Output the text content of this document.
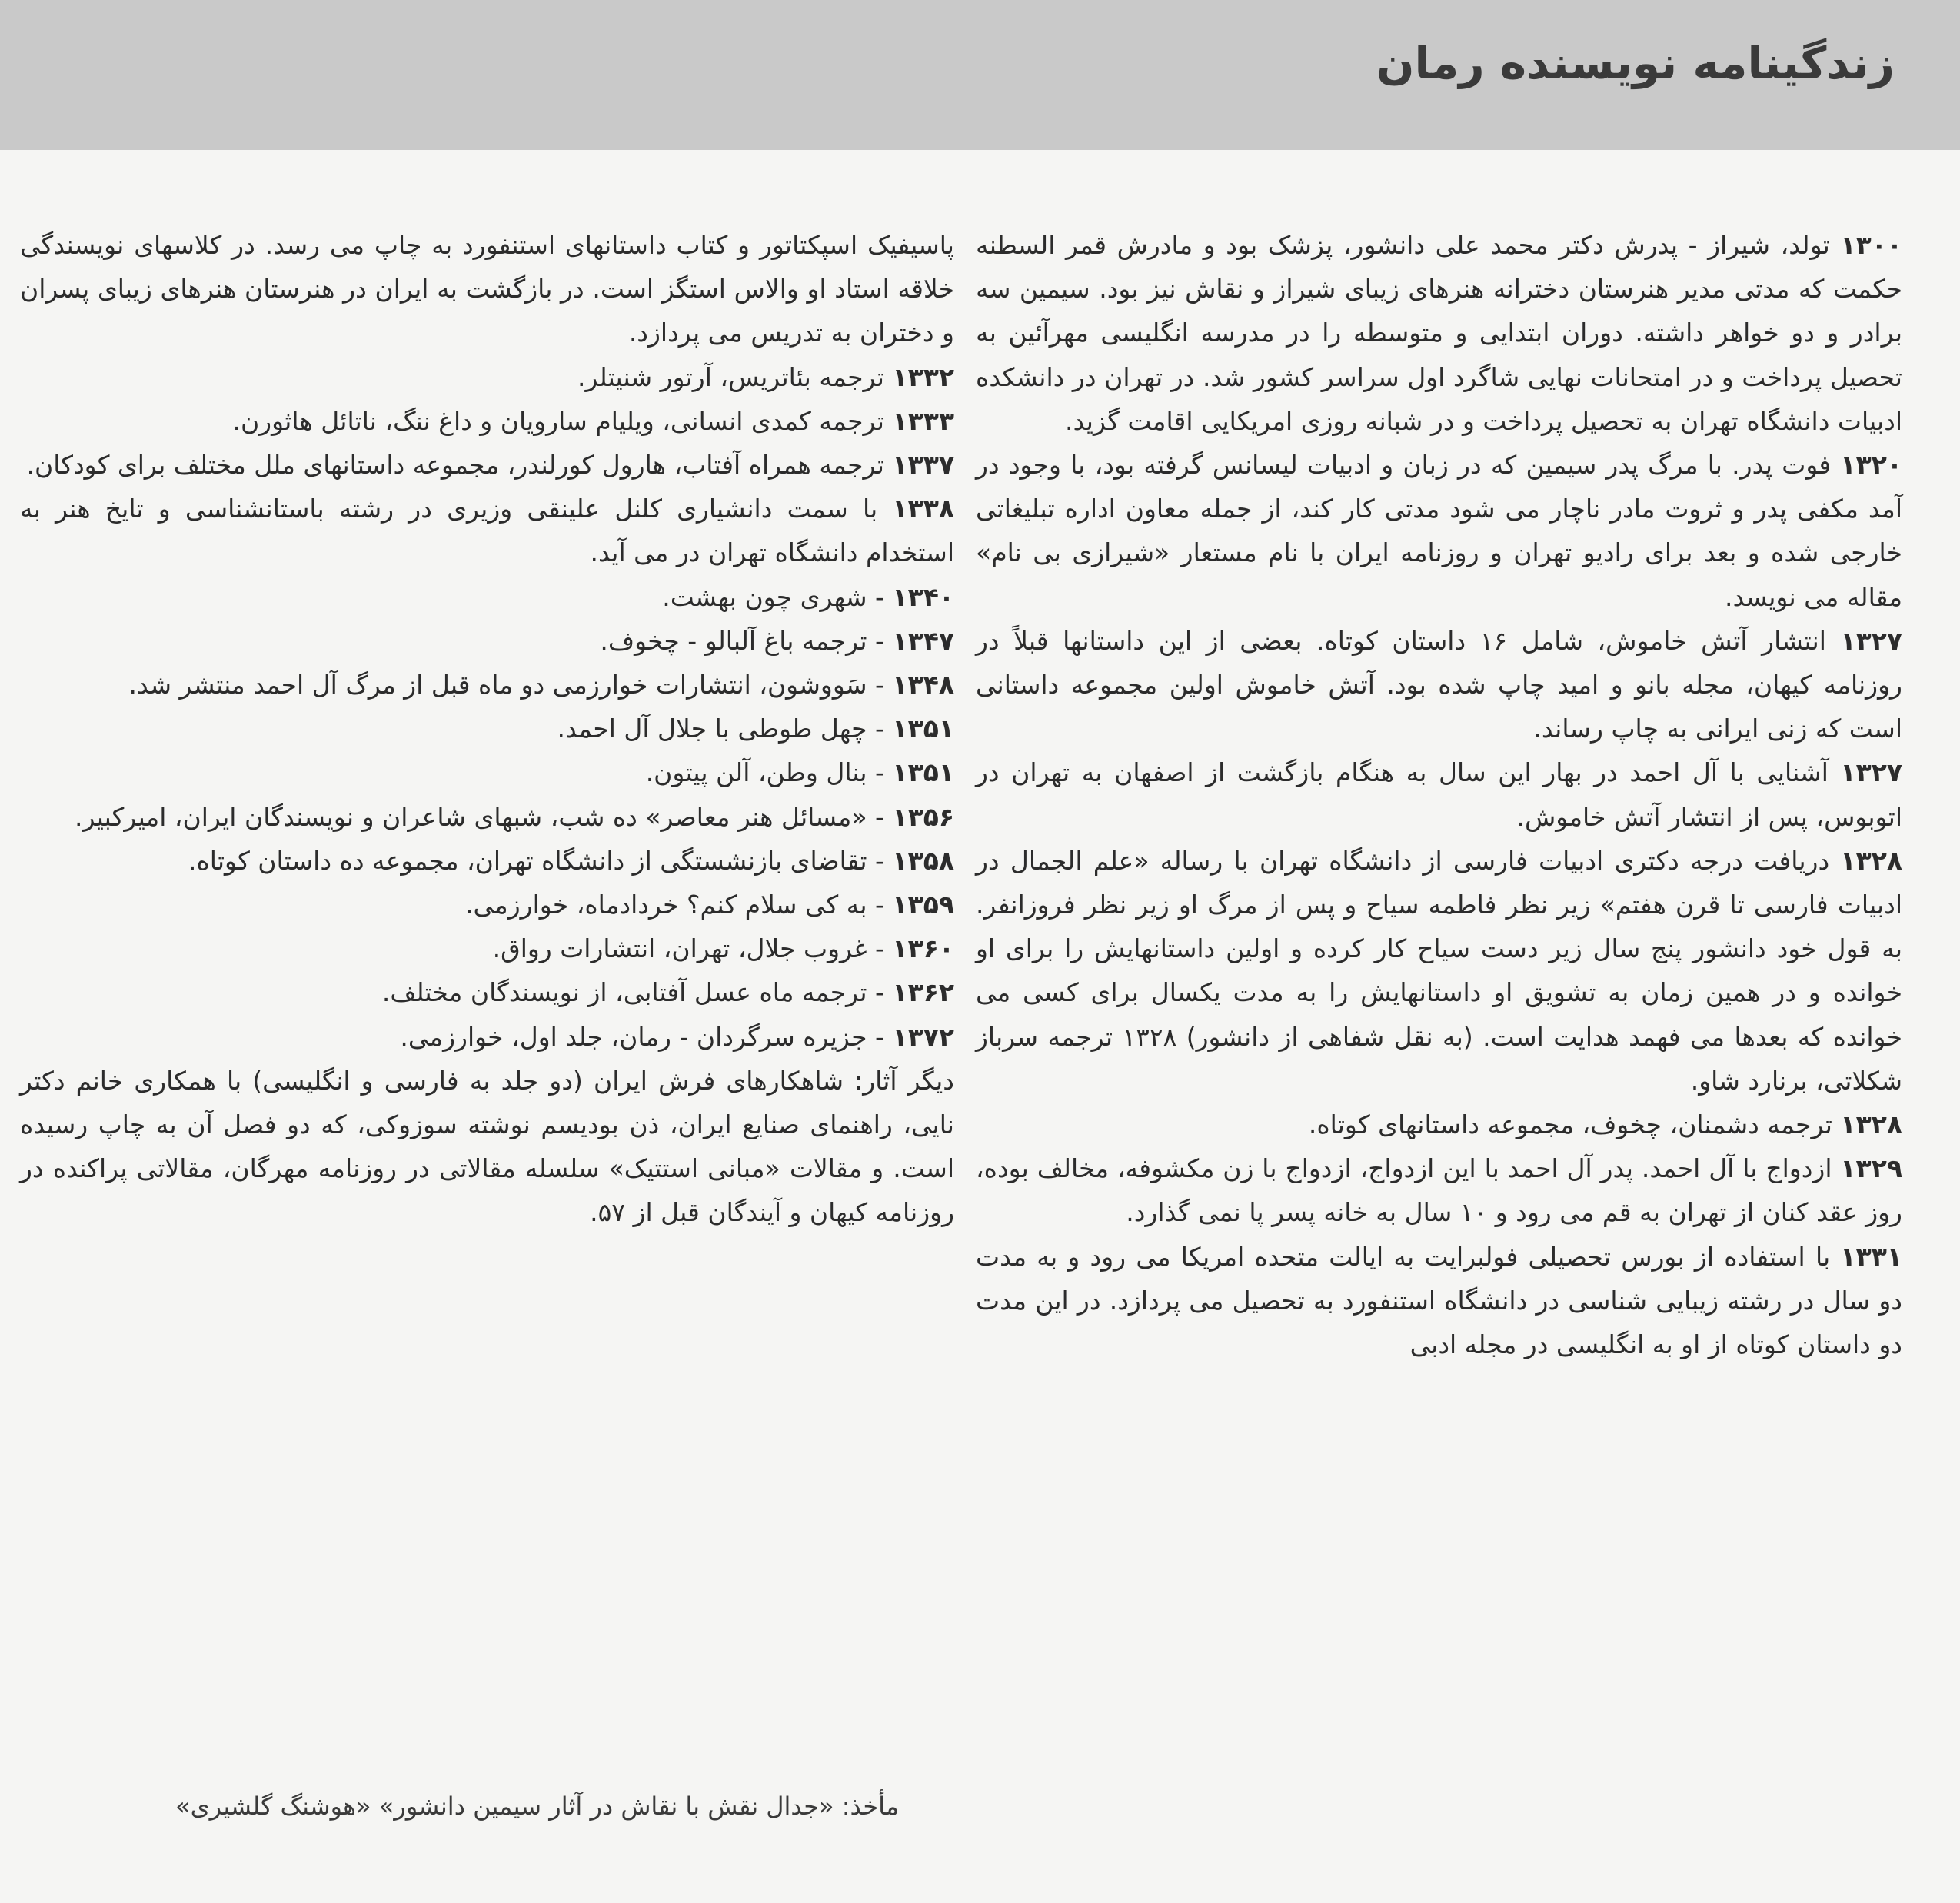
زندگینامه نویسنده رمان

۱۳۰۰ تولد، شیراز - پدرش دکتر محمد علی دانشور، پزشک بود و مادرش قمر السطنه حکمت که مدتی مدیر هنرستان دخترانه هنرهای زیبای شیراز و نقاش نیز بود. سیمین سه برادر و دو خواهر داشته. دوران ابتدایی و متوسطه را در مدرسه انگلیسی مهرآئین به تحصیل پرداخت و در امتحانات نهایی شاگرد اول سراسر کشور شد. در تهران در دانشکده ادبیات دانشگاه تهران به تحصیل پرداخت و در شبانه روزی امریکایی اقامت گزید.

۱۳۲۰ فوت پدر. با مرگ پدر سیمین که در زبان و ادبیات لیسانس گرفته بود، با وجود در آمد مکفی پدر و ثروت مادر ناچار می شود مدتی کار کند، از جمله معاون اداره تبلیغاتی خارجی شده و بعد برای رادیو تهران و روزنامه ایران با نام مستعار «شیرازی بی نام» مقاله می نویسد.

۱۳۲۷ انتشار آتش خاموش، شامل ۱۶ داستان کوتاه. بعضی از این داستانها قبلاً در روزنامه کیهان، مجله بانو و امید چاپ شده بود. آتش خاموش اولین مجموعه داستانی است که زنی ایرانی به چاپ رساند.

۱۳۲۷ آشنایی با آل احمد در بهار این سال به هنگام بازگشت از اصفهان به تهران در اتوبوس، پس از انتشار آتش خاموش.

۱۳۲۸ دریافت درجه دکتری ادبیات فارسی از دانشگاه تهران با رساله «علم الجمال در ادبیات فارسی تا قرن هفتم» زیر نظر فاطمه سیاح و پس از مرگ او زیر نظر فروزانفر. به قول خود دانشور پنج سال زیر دست سیاح کار کرده و اولین داستانهایش را برای او خوانده و در همین زمان به تشویق او داستانهایش را به مدت یکسال برای کسی می خوانده که بعدها می فهمد هدایت است. (به نقل شفاهی از دانشور) ۱۳۲۸ ترجمه سرباز شکلاتی، برنارد شاو.

۱۳۲۸ ترجمه دشمنان، چخوف، مجموعه داستانهای کوتاه.

۱۳۲۹ ازدواج با آل احمد. پدر آل احمد با این ازدواج، ازدواج با زن مکشوفه، مخالف بوده، روز عقد کنان از تهران به قم می رود و ۱۰ سال به خانه پسر پا نمی گذارد.

۱۳۳۱ با استفاده از بورس تحصیلی فولبرایت به ایالت متحده امریکا می رود و به مدت دو سال در رشته زیبایی شناسی در دانشگاه استنفورد به تحصیل می پردازد. در این مدت دو داستان کوتاه از او به انگلیسی در مجله ادبی

پاسیفیک اسپکتاتور و کتاب داستانهای استنفورد به چاپ می رسد. در کلاسهای نویسندگی خلاقه استاد او والاس استگز است. در بازگشت به ایران در هنرستان هنرهای زیبای پسران و دختران به تدریس می پردازد.

۱۳۳۲ ترجمه بئاتریس، آرتور شنیتلر.

۱۳۳۳ ترجمه کمدی انسانی، ویلیام سارویان و داغ ننگ، ناتائل هاثورن.

۱۳۳۷ ترجمه همراه آفتاب، هارول کورلندر، مجموعه داستانهای ملل مختلف برای کودکان.

۱۳۳۸ با سمت دانشیاری کلنل علینقی وزیری در رشته باستانشناسی و تایخ هنر به استخدام دانشگاه تهران در می آید.

۱۳۴۰ - شهری چون بهشت.

۱۳۴۷ - ترجمه باغ آلبالو - چخوف.

۱۳۴۸ - سَووشون، انتشارات خوارزمی دو ماه قبل از مرگ آل احمد منتشر شد.

۱۳۵۱ - چهل طوطی با جلال آل احمد.

۱۳۵۱ - بنال وطن، آلن پیتون.

۱۳۵۶ - «مسائل هنر معاصر» ده شب، شبهای شاعران و نویسندگان ایران، امیرکبیر.

۱۳۵۸ - تقاضای بازنشستگی از دانشگاه تهران، مجموعه ده داستان کوتاه.

۱۳۵۹ - به کی سلام کنم؟ خردادماه، خوارزمی.

۱۳۶۰ - غروب جلال، تهران، انتشارات رواق.

۱۳۶۲ - ترجمه ماه عسل آفتابی، از نویسندگان مختلف.

۱۳۷۲ - جزیره سرگردان - رمان، جلد اول، خوارزمی.

دیگر آثار: شاهکارهای فرش ایران (دو جلد به فارسی و انگلیسی) با همکاری خانم دکتر نایی، راهنمای صنایع ایران، ذن بودیسم نوشته سوزوکی، که دو فصل آن به چاپ رسیده است. و مقالات «مبانی استتیک» سلسله مقالاتی در روزنامه مهرگان، مقالاتی پراکنده در روزنامه کیهان و آیندگان قبل از ۵۷.

مأخذ: «جدال نقش با نقاش در آثار سیمین دانشور» «هوشنگ گلشیری»
